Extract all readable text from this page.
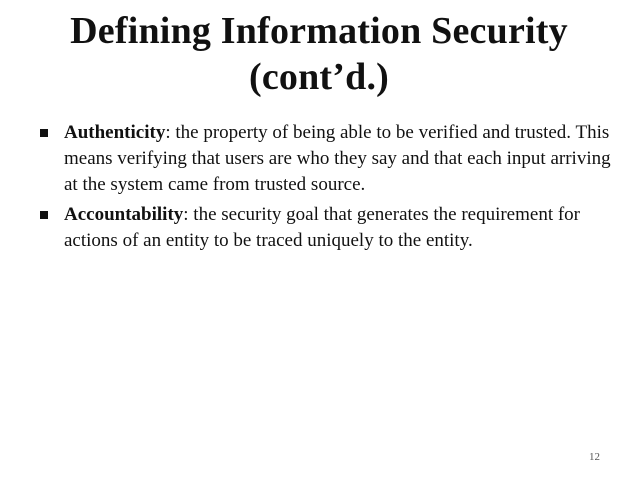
Defining Information Security
(cont’d.)
Authenticity: the property of being able to be verified and trusted. This means verifying that users are who they say and that each input arriving at the system came from trusted source.
Accountability: the security goal that generates the requirement for actions of an entity to be traced uniquely to the entity.
12
